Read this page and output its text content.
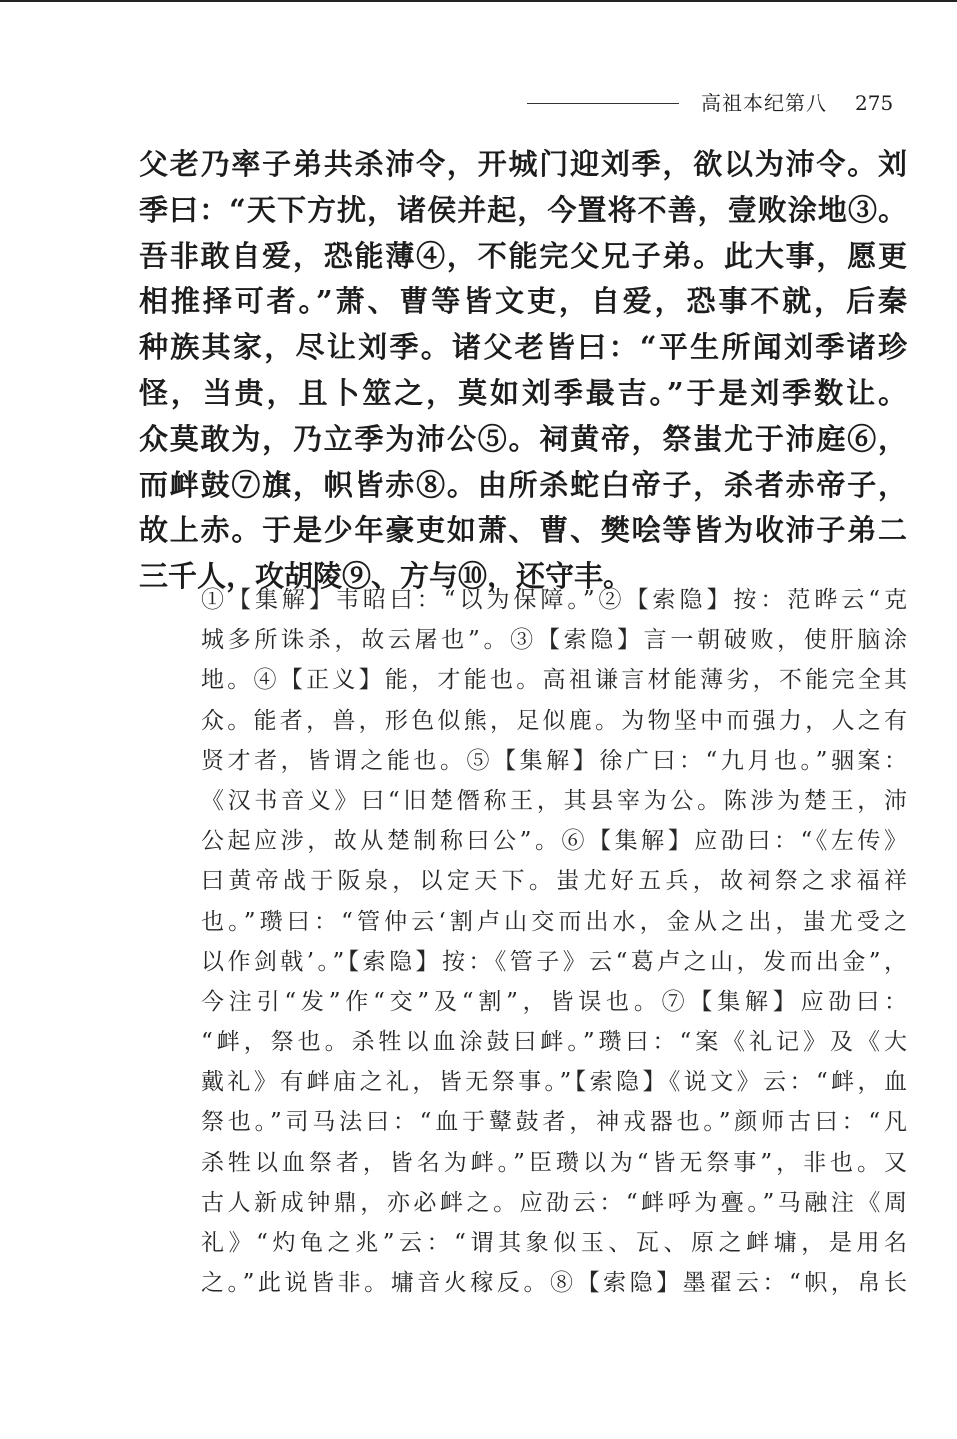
高祖本纪第八 275
父老乃率子弟共杀沛令，开城门迎刘季，欲以为沛令。刘
季曰：“天下方扰，诸侯并起，今置将不善，壹败涂地③。
吾非敢自爱，恐能薄④，不能完父兄子弟。此大事，愿更
相推择可者。”萧、曹等皆文吏，自爱，恐事不就，后秦
种族其家，尽让刘季。诸父老皆曰：“平生所闻刘季诸珍
怪，当贵，且卜筮之，莫如刘季最吉。”于是刘季数让。
众莫敢为，乃立季为沛公⑤。祠黄帝，祭蚩尤于沛庭⑥，
而衅鼓⑦旗，帜皆赤⑧。由所杀蛇白帝子，杀者赤帝子，
故上赤。于是少年豪吏如萧、曹、樊哙等皆为收沛子弟二
三千人，攻胡陵⑨、方与⑩，还守丰。
①【集解】韦昭曰：“以为保障。”②【索隐】按：范晔云“克
城多所诛杀，故云屠也”。③【索隐】言一朝破败，使肝脑涂
地。④【正义】能，才能也。高祖谦言材能薄劣，不能完全其
众。能者，兽，形色似熊，足似鹿。为物坚中而强力，人之有
贤才者，皆谓之能也。⑤【集解】徐广曰：“九月也。”骃案：
《汉书音义》曰“旧楚僭称王，其县宰为公。陈涉为楚王，沛
公起应涉，故从楚制称曰公”。⑥【集解】应劭曰：“《左传》
曰黄帝战于阪泉，以定天下。蚩尤好五兵，故祠祭之求福祥
也。”瓒曰：“管仲云‘割卢山交而出水，金从之出，蚩尤受之
以作剑戟’。”【索隐】按：《管子》云“葛卢之山，发而出金”，
今注引“发”作“交”及“割”，皆误也。⑦【集解】应劭曰：
“衅，祭也。杀牲以血涂鼓曰衅。”瓒曰：“案《礼记》及《大
戴礼》有衅庙之礼，皆无祭事。”【索隐】《说文》云：“衅，血
祭也。”司马法曰：“血于鼙鼓者，神戎器也。”颜师古曰：“凡
杀牲以血祭者，皆名为衅。”臣瓒以为“皆无祭事”，非也。又
古人新成钟鼎，亦必衅之。应劭云：“衅呼为亹。”马融注《周
礼》“灼龟之兆”云：“谓其象似玉、瓦、原之衅墉，是用名
之。”此说皆非。墉音火稼反。⑧【索隐】墨翟云：“帜，帛长
